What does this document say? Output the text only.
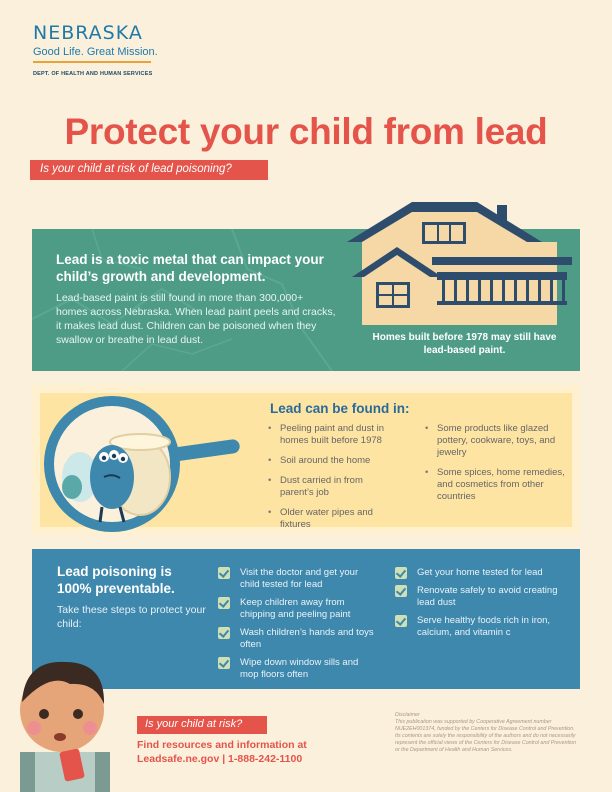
NEBRASKA
Good Life. Great Mission.
DEPT. OF HEALTH AND HUMAN SERVICES
Protect your child from lead
Is your child at risk of lead poisoning?
Lead is a toxic metal that can impact your child’s growth and development.
Lead-based paint is still found in more than 300,000+ homes across Nebraska. When lead paint peels and cracks, it makes lead dust. Children can be poisoned when they swallow or breathe in lead dust.	Homes built before 1978 may still have lead-based paint.
Lead can be found in:
• Peeling paint and dust in homes built before 1978
• Soil around the home
• Dust carried in from parent’s job
• Older water pipes and fixtures
• Some products like glazed pottery, cookware, toys, and jewelry
• Some spices, home remedies, and cosmetics from other countries
Lead poisoning is 100% preventable.
Take these steps to protect your child:
Visit the doctor and get your child tested for lead
Keep children away from chipping and peeling paint
Wash children’s hands and toys often
Wipe down window sills and mop floors often
Get your home tested for lead
Renovate safely to avoid creating lead dust
Serve healthy foods rich in iron, calcium, and vitamin c
Is your child at risk?
Find resources and information at
Leadsafe.ne.gov | 1-888-242-1100
Disclaimer
This publication was supported by Cooperative Agreement number NUE2EH001374, funded by the Centers for Disease Control and Prevention. Its contents are solely the responsibility of the authors and do not necessarily represent the official views of the Centers for Disease Control and Prevention or the Department of Health and Human Services.
